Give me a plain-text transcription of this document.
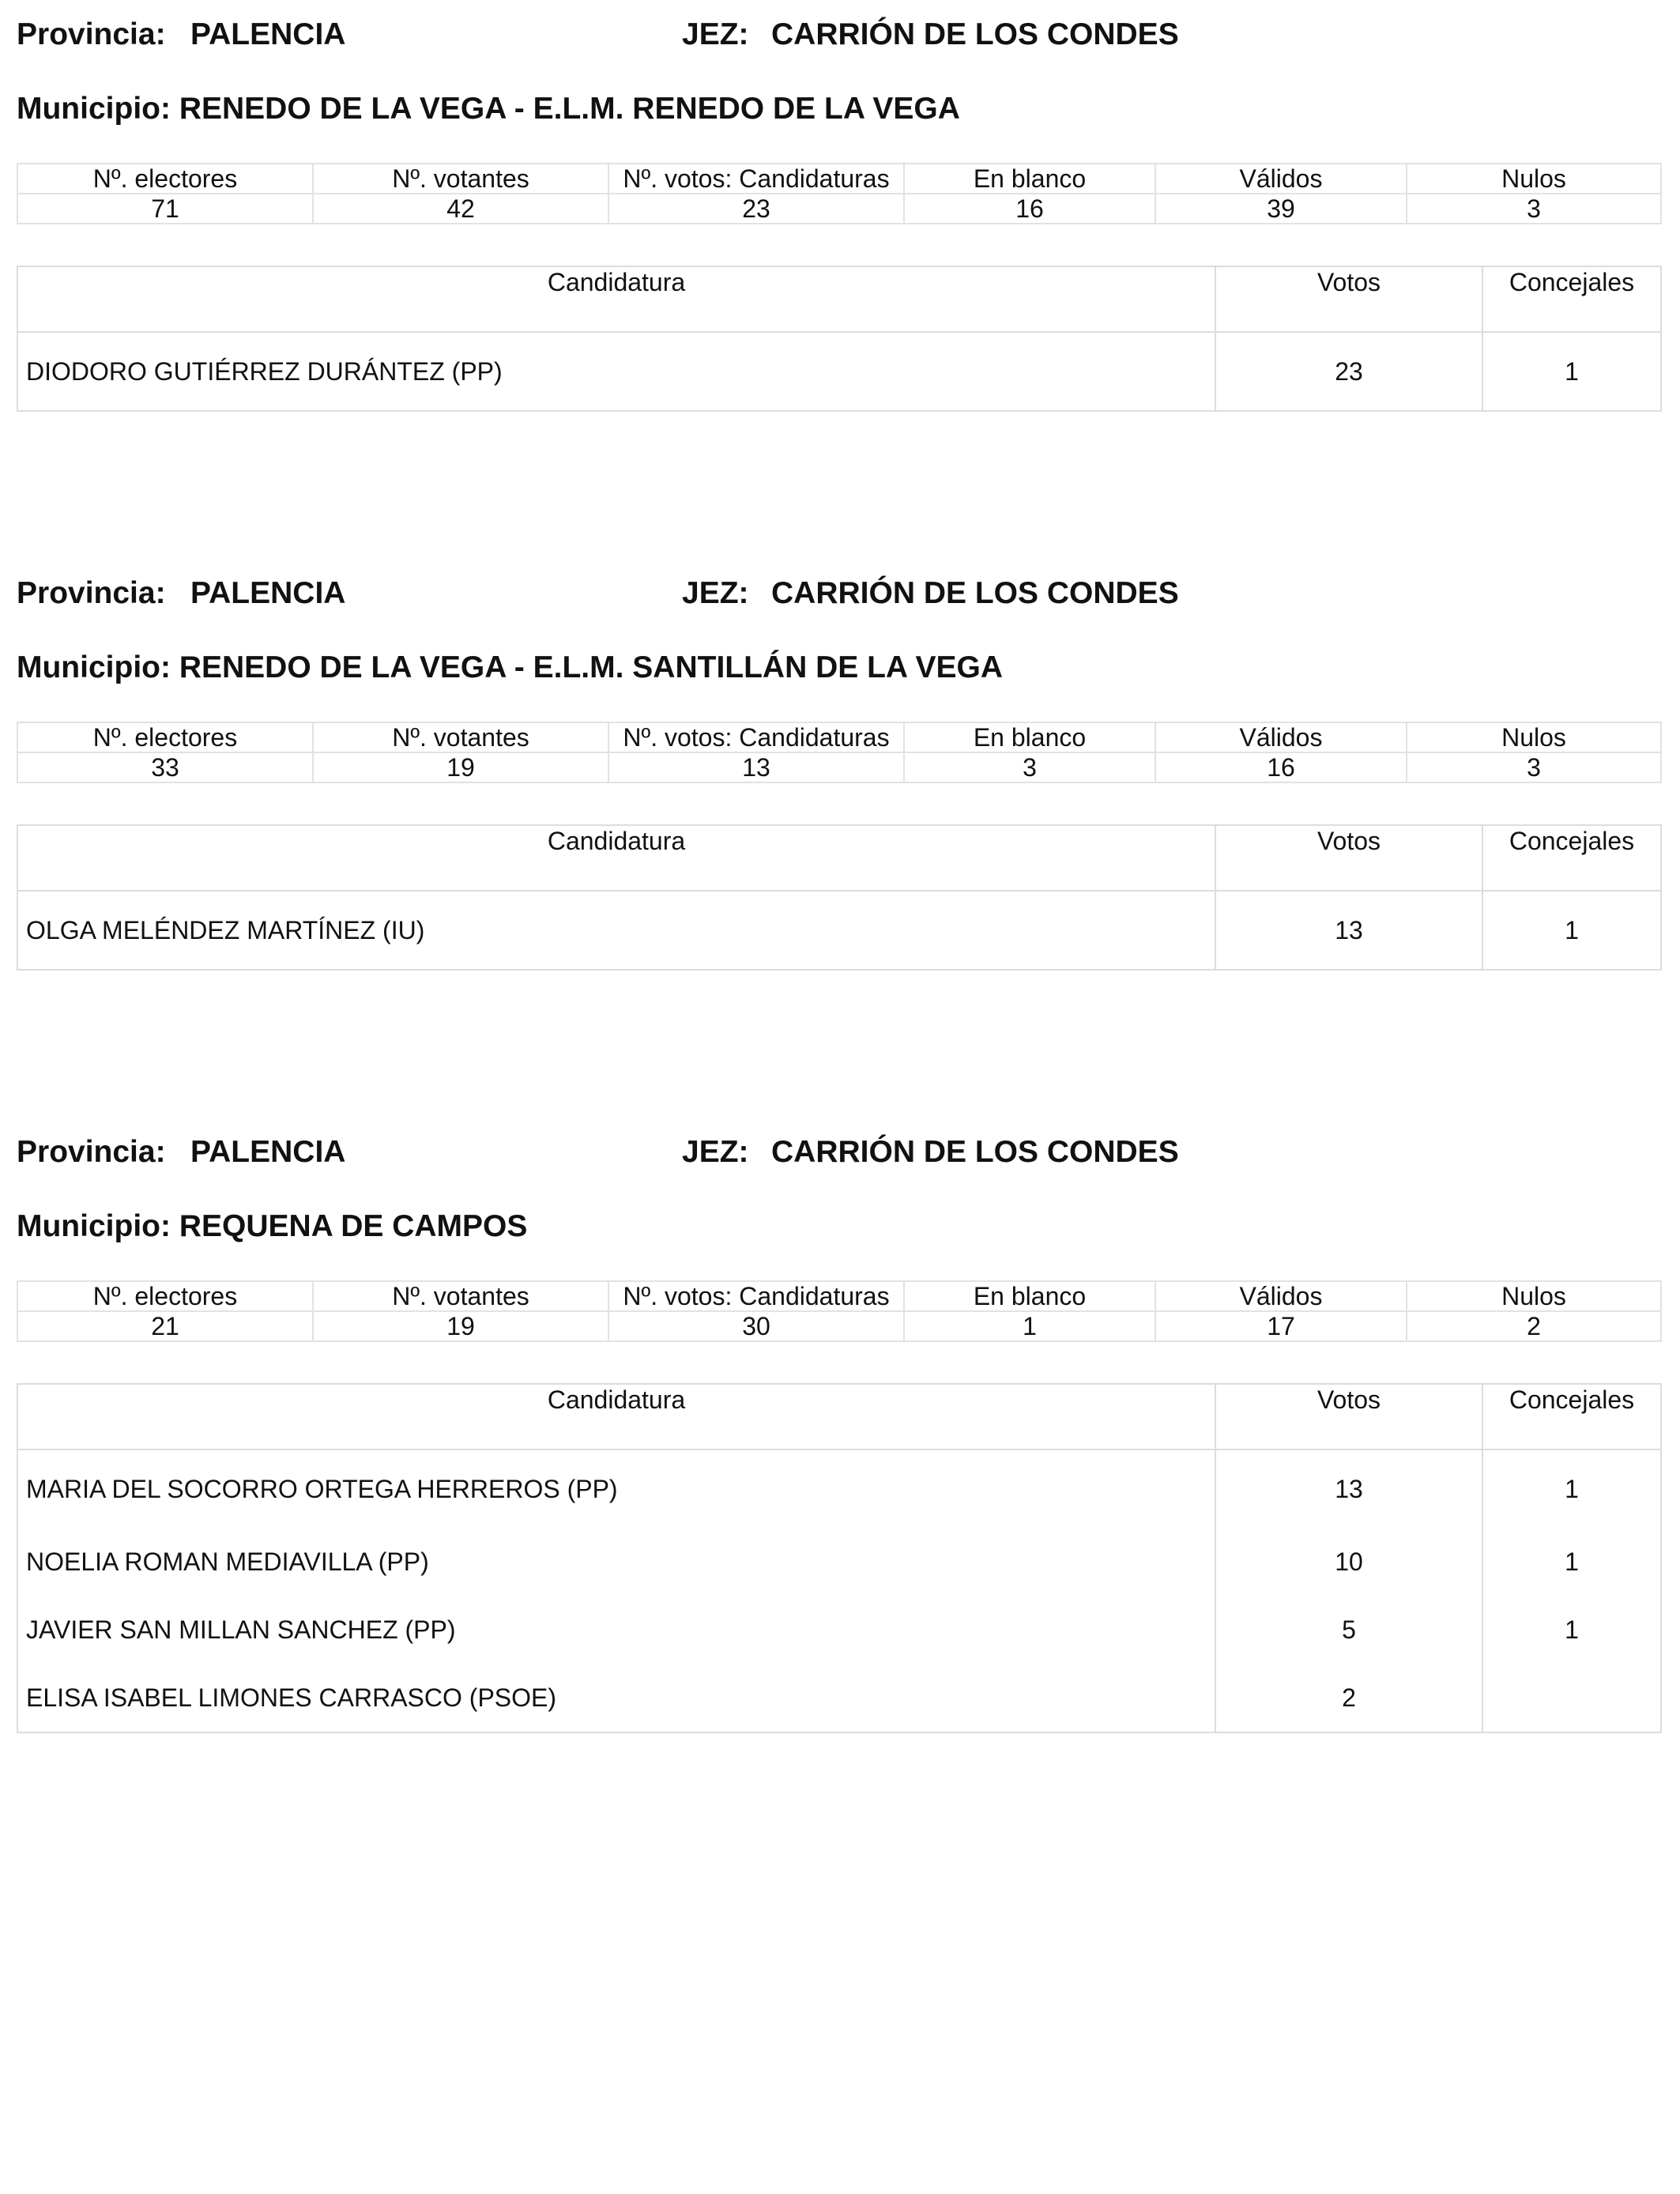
Provincia: PALENCIA	JEZ: CARRIÓN DE LOS CONDES
Municipio: RENEDO DE LA VEGA - E.L.M. RENEDO DE LA VEGA
Nº. electores	Nº. votantes	Nº. votos: Candidaturas	En blanco	Válidos	Nulos
71	42	23	16	39	3
Candidatura	Votos	Concejales
DIODORO GUTIÉRREZ DURÁNTEZ (PP)	23	1
Provincia: PALENCIA	JEZ: CARRIÓN DE LOS CONDES
Municipio: RENEDO DE LA VEGA - E.L.M. SANTILLÁN DE LA VEGA
Nº. electores	Nº. votantes	Nº. votos: Candidaturas	En blanco	Válidos	Nulos
33	19	13	3	16	3
Candidatura	Votos	Concejales
OLGA MELÉNDEZ MARTÍNEZ (IU)	13	1
Provincia: PALENCIA	JEZ: CARRIÓN DE LOS CONDES
Municipio: REQUENA DE CAMPOS
Nº. electores	Nº. votantes	Nº. votos: Candidaturas	En blanco	Válidos	Nulos
21	19	30	1	17	2
Candidatura	Votos	Concejales
MARIA DEL SOCORRO ORTEGA HERREROS (PP)	13	1
NOELIA ROMAN MEDIAVILLA (PP)	10	1
JAVIER SAN MILLAN SANCHEZ (PP)	5	1
ELISA ISABEL LIMONES CARRASCO (PSOE)	2	
